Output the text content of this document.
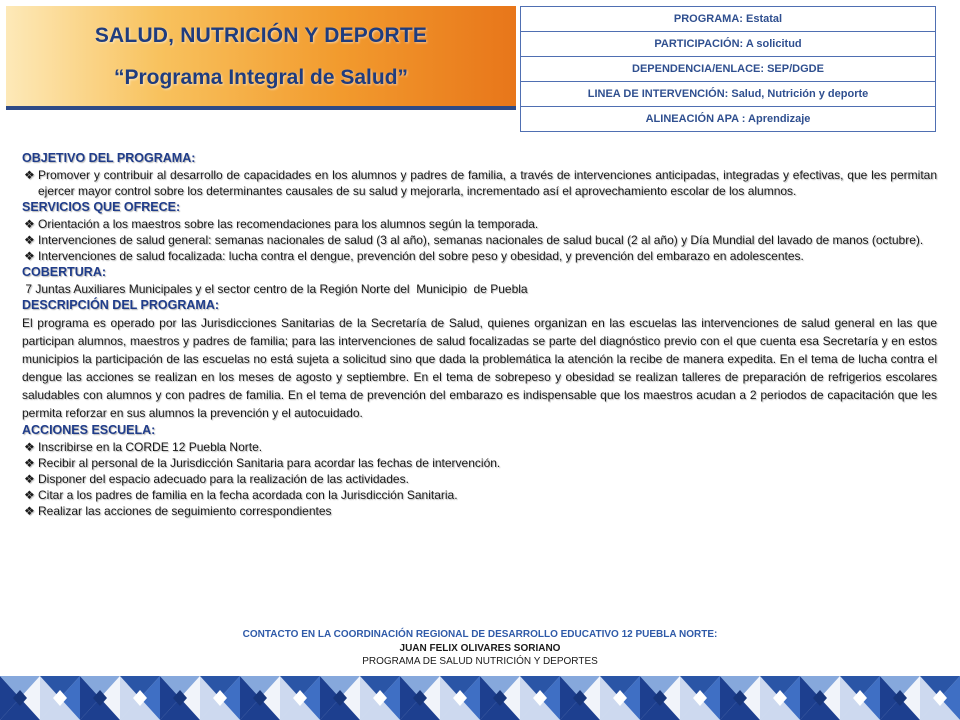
SALUD, NUTRICIÓN Y DEPORTE
“Programa Integral de Salud”
PROGRAMA: Estatal
PARTICIPACIÓN: A solicitud
DEPENDENCIA/ENLACE: SEP/DGDE
LINEA DE INTERVENCIÓN: Salud, Nutrición y deporte
ALINEACIÓN APA : Aprendizaje
OBJETIVO DEL PROGRAMA:
❖ Promover y contribuir al desarrollo de capacidades en los alumnos y padres de familia, a través de intervenciones anticipadas, integradas y efectivas, que les permitan ejercer mayor control sobre los determinantes causales de su salud y mejorarla, incrementado así el aprovechamiento escolar de los alumnos.
SERVICIOS QUE OFRECE:
❖ Orientación a los maestros sobre las recomendaciones para los alumnos según la temporada.
❖ Intervenciones de salud general: semanas nacionales de salud (3 al año), semanas nacionales de salud bucal (2 al año) y Día Mundial del lavado de manos (octubre).
❖ Intervenciones de salud focalizada: lucha contra el dengue, prevención del sobre peso y obesidad, y prevención del embarazo en adolescentes.
COBERTURA:
7 Juntas Auxiliares Municipales y el sector centro de la Región Norte del  Municipio  de Puebla
DESCRIPCIÓN DEL PROGRAMA:
El programa es operado por las Jurisdicciones Sanitarias de la Secretaría de Salud, quienes organizan en las escuelas las intervenciones de salud general en las que participan alumnos, maestros y padres de familia; para las intervenciones de salud focalizadas se parte del diagnóstico previo con el que cuenta esa Secretaría y en estos municipios la participación de las escuelas no está sujeta a solicitud sino que dada la problemática la atención la recibe de manera expedita. En el tema de lucha contra el dengue las acciones se realizan en los meses de agosto y septiembre. En el tema de sobrepeso y obesidad se realizan talleres de preparación de refrigerios escolares saludables con alumnos y con padres de familia. En el tema de prevención del embarazo es indispensable que los maestros acudan a 2 periodos de capacitación que les permita reforzar en sus alumnos la prevención y el autocuidado.
ACCIONES ESCUELA:
❖ Inscribirse en la CORDE 12 Puebla Norte.
❖ Recibir al personal de la Jurisdicción Sanitaria para acordar las fechas de intervención.
❖ Disponer del espacio adecuado para la realización de las actividades.
❖ Citar a los padres de familia en la fecha acordada con la Jurisdicción Sanitaria.
❖ Realizar las acciones de seguimiento correspondientes
CONTACTO EN LA COORDINACIÓN REGIONAL DE DESARROLLO EDUCATIVO 12 PUEBLA NORTE:
JUAN FELIX OLIVARES SORIANO
PROGRAMA DE SALUD NUTRICIÓN Y DEPORTES
